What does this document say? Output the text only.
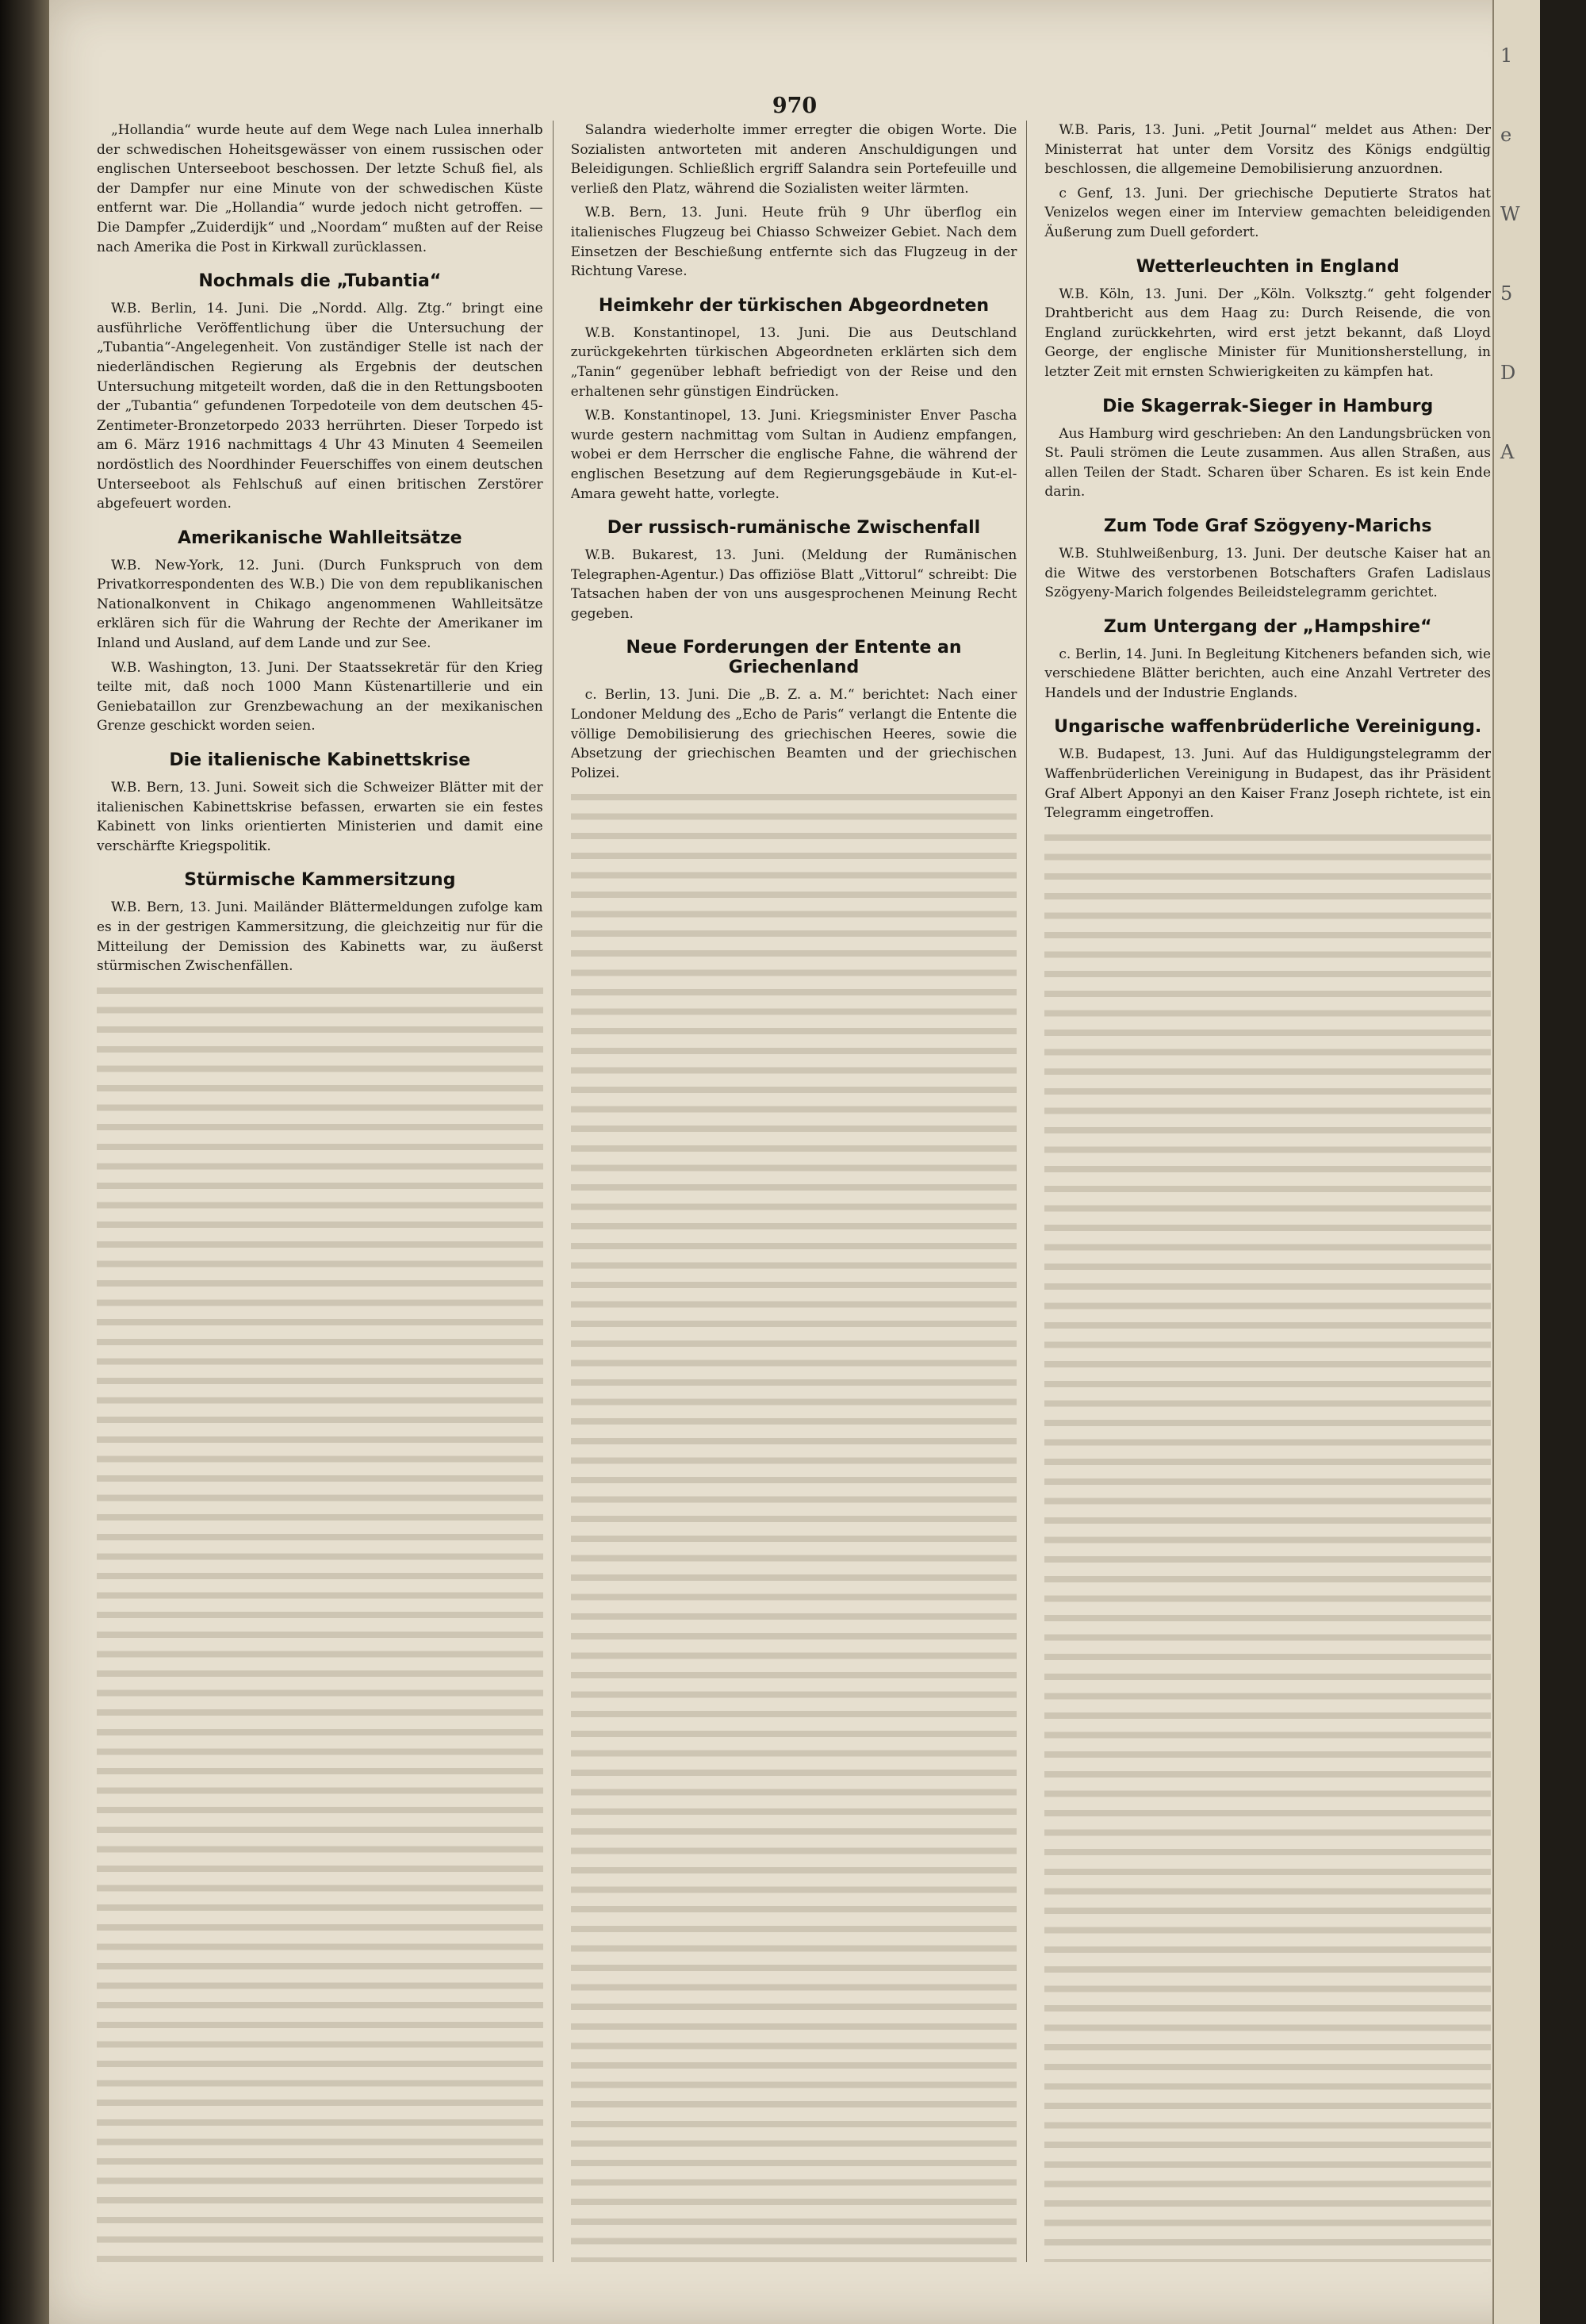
970

„Hollandia“ wurde heute auf dem Wege nach Lulea innerhalb der schwedischen Hoheitsgewässer von einem russischen oder englischen Unterseeboot beschossen. Der letzte Schuß fiel, als der Dampfer nur eine Minute von der schwedischen Küste entfernt war. Die „Hollandia“ wurde jedoch nicht getroffen. — Die Dampfer „Zuiderdijk“ und „Noordam“ mußten auf der Reise nach Amerika die Post in Kirkwall zurücklassen.

Nochmals die „Tubantia“

W.B. Berlin, 14. Juni. Die „Nordd. Allg. Ztg.“ bringt eine ausführliche Veröffentlichung über die Untersuchung der „Tubantia“-Angelegenheit. Von zuständiger Stelle ist nach der niederländischen Regierung als Ergebnis der deutschen Untersuchung mitgeteilt worden, daß die in den Rettungsbooten der „Tubantia“ gefundenen Torpedoteile von dem deutschen 45-Zentimeter-Bronzetorpedo 2033 herrührten. Dieser Torpedo ist am 6. März 1916 nachmittags 4 Uhr 43 Minuten 4 Seemeilen nordöstlich des Noordhinder Feuerschiffes von einem deutschen Unterseeboot als Fehlschuß auf einen britischen Zerstörer abgefeuert worden.

Amerikanische Wahlleitsätze

W.B. New-York, 12. Juni. (Durch Funkspruch von dem Privatkorrespondenten des W.B.) Die von dem republikanischen Nationalkonvent in Chikago angenommenen Wahlleitsätze erklären sich für die Wahrung der Rechte der Amerikaner im Inland und Ausland, auf dem Lande und zur See.

W.B. Washington, 13. Juni. Der Staatssekretär für den Krieg teilte mit, daß noch 1000 Mann Küstenartillerie und ein Geniebataillon zur Grenzbewachung an der mexikanischen Grenze geschickt worden seien.

Die italienische Kabinettskrise

W.B. Bern, 13. Juni. Soweit sich die Schweizer Blätter mit der italienischen Kabinettskrise befassen, erwarten sie ein festes Kabinett von links orientierten Ministerien und damit eine verschärfte Kriegspolitik.

Stürmische Kammersitzung

W.B. Bern, 13. Juni. Mailänder Blättermeldungen zufolge kam es in der gestrigen Kammersitzung, die gleichzeitig nur für die Mitteilung der Demission des Kabinetts war, zu äußerst stürmischen Zwischenfällen.

Salandra wiederholte immer erregter die obigen Worte. Die Sozialisten antworteten mit anderen Anschuldigungen und Beleidigungen. Schließlich ergriff Salandra sein Portefeuille und verließ den Platz, während die Sozialisten weiter lärmten.

W.B. Bern, 13. Juni. Heute früh 9 Uhr überflog ein italienisches Flugzeug bei Chiasso Schweizer Gebiet. Nach dem Einsetzen der Beschießung entfernte sich das Flugzeug in der Richtung Varese.

Heimkehr der türkischen Abgeordneten

W.B. Konstantinopel, 13. Juni. Die aus Deutschland zurückgekehrten türkischen Abgeordneten erklärten sich dem „Tanin“ gegenüber lebhaft befriedigt von der Reise und den erhaltenen sehr günstigen Eindrücken.

W.B. Konstantinopel, 13. Juni. Kriegsminister Enver Pascha wurde gestern nachmittag vom Sultan in Audienz empfangen, wobei er dem Herrscher die englische Fahne, die während der englischen Besetzung auf dem Regierungsgebäude in Kut-el-Amara geweht hatte, vorlegte.

Der russisch-rumänische Zwischenfall

W.B. Bukarest, 13. Juni. (Meldung der Rumänischen Telegraphen-Agentur.) Das offiziöse Blatt „Vittorul“ schreibt: Die Tatsachen haben der von uns ausgesprochenen Meinung Recht gegeben.

Neue Forderungen der Entente an Griechenland

c. Berlin, 13. Juni. Die „B. Z. a. M.“ berichtet: Nach einer Londoner Meldung des „Echo de Paris“ verlangt die Entente die völlige Demobilisierung des griechischen Heeres, sowie die Absetzung der griechischen Beamten und der griechischen Polizei.

W.B. Paris, 13. Juni. „Petit Journal“ meldet aus Athen: Der Ministerrat hat unter dem Vorsitz des Königs endgültig beschlossen, die allgemeine Demobilisierung anzuordnen.

c Genf, 13. Juni. Der griechische Deputierte Stratos hat Venizelos wegen einer im Interview gemachten beleidigenden Äußerung zum Duell gefordert.

Wetterleuchten in England

W.B. Köln, 13. Juni. Der „Köln. Volksztg.“ geht folgender Drahtbericht aus dem Haag zu: Durch Reisende, die von England zurückkehrten, wird erst jetzt bekannt, daß Lloyd George, der englische Minister für Munitionsherstellung, in letzter Zeit mit ernsten Schwierigkeiten zu kämpfen hat.

Die Skagerrak-Sieger in Hamburg

Aus Hamburg wird geschrieben: An den Landungsbrücken von St. Pauli strömen die Leute zusammen. Aus allen Straßen, aus allen Teilen der Stadt. Scharen über Scharen. Es ist kein Ende darin.

Zum Tode Graf Szögyeny-Marichs

W.B. Stuhlweißenburg, 13. Juni. Der deutsche Kaiser hat an die Witwe des verstorbenen Botschafters Grafen Ladislaus Szögyeny-Marich folgendes Beileidstelegramm gerichtet.

Zum Untergang der „Hampshire“

c. Berlin, 14. Juni. In Begleitung Kitcheners befanden sich, wie verschiedene Blätter berichten, auch eine Anzahl Vertreter des Handels und der Industrie Englands.

Ungarische waffenbrüderliche Vereinigung.

W.B. Budapest, 13. Juni. Auf das Huldigungstelegramm der Waffenbrüderlichen Vereinigung in Budapest, das ihr Präsident Graf Albert Apponyi an den Kaiser Franz Joseph richtete, ist ein Telegramm eingetroffen.

1
e
W
5
D
A
